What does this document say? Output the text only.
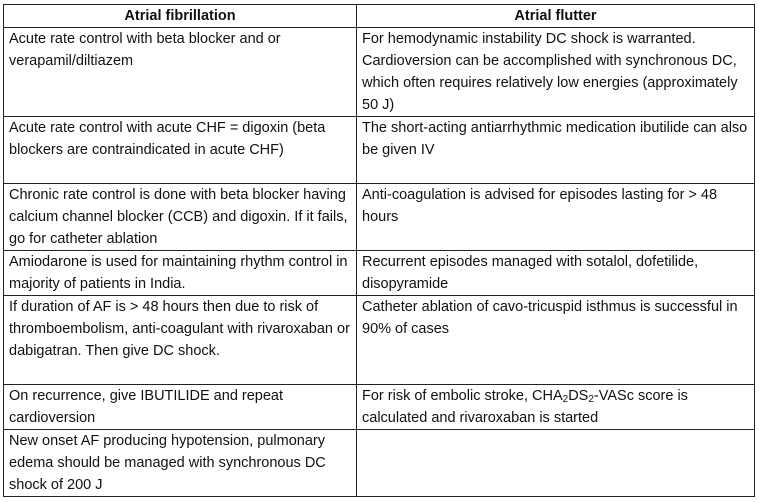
Atrial fibrillation	Atrial flutter
Acute rate control with beta blocker and or verapamil/diltiazem	For hemodynamic instability DC shock is warranted. Cardioversion can be accomplished with synchronous DC, which often requires relatively low energies (approximately 50 J)
Acute rate control with acute CHF = digoxin (beta blockers are contraindicated in acute CHF)	The short-acting antiarrhythmic medication ibutilide can also be given IV
Chronic rate control is done with beta blocker having calcium channel blocker (CCB) and digoxin. If it fails, go for catheter ablation	Anti-coagulation is advised for episodes lasting for > 48 hours
Amiodarone is used for maintaining rhythm control in majority of patients in India.	Recurrent episodes managed with sotalol, dofetilide, disopyramide
If duration of AF is > 48 hours then due to risk of thromboembolism, anti-coagulant with rivaroxaban or dabigatran. Then give DC shock.	Catheter ablation of cavo-tricuspid isthmus is successful in 90% of cases
On recurrence, give IBUTILIDE and repeat cardioversion	For risk of embolic stroke, $CHA_2DS_2$-VASc score is calculated and rivaroxaban is started
New onset AF producing hypotension, pulmonary edema should be managed with synchronous DC shock of 200 J	
